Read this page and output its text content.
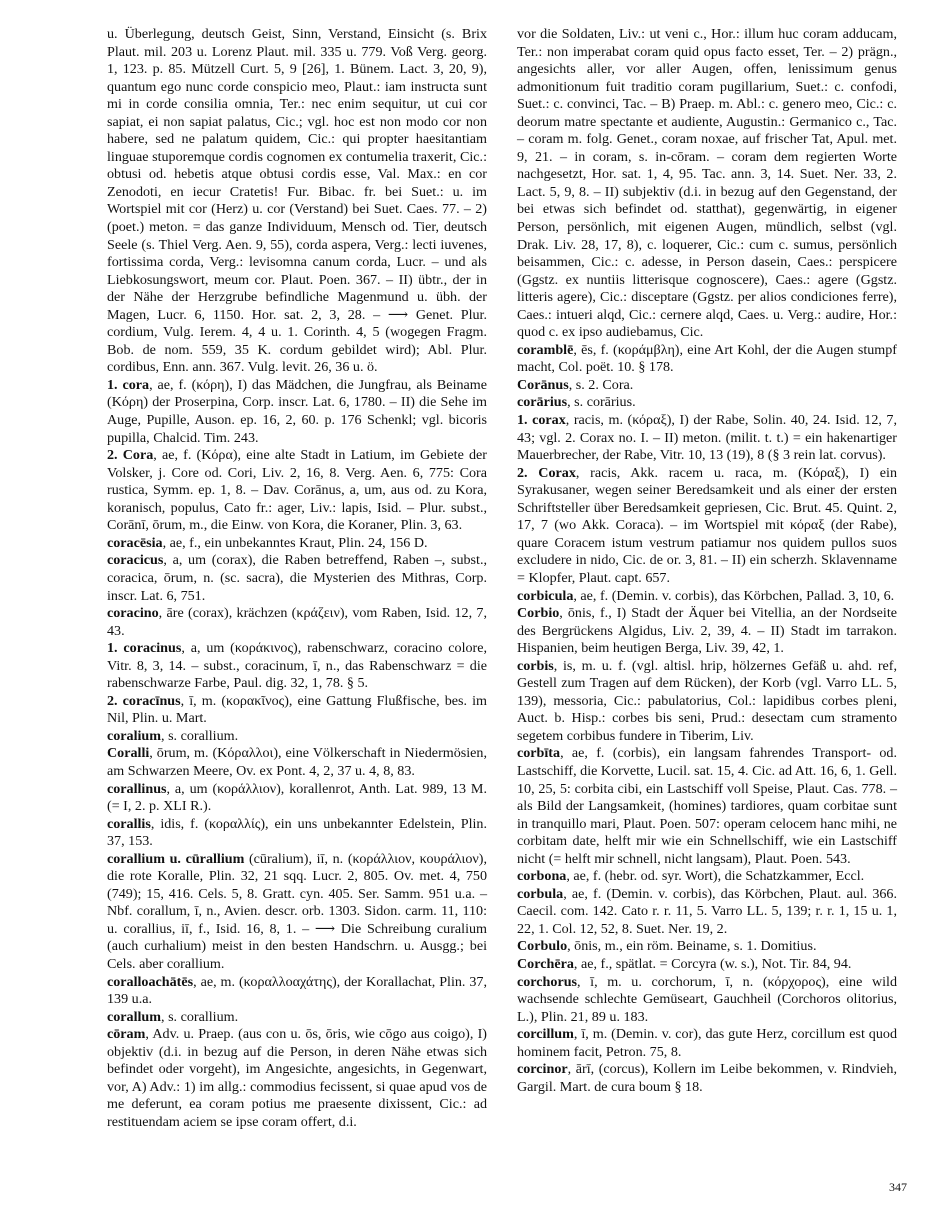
u. Überlegung, deutsch Geist, Sinn, Verstand, Einsicht (s. Brix Plaut. mil. 203 u. Lorenz Plaut. mil. 335 u. 779. Voß Verg. georg. 1, 123. p. 85. Mützell Curt. 5, 9 [26], 1. Bünem. Lact. 3, 20, 9), quantum ego nunc corde conspicio meo, Plaut.: iam instructa sunt mi in corde consilia omnia, Ter.: nec enim sequitur, ut cui cor sapiat, ei non sapiat palatus, Cic.; vgl. hoc est non modo cor non habere, sed ne palatum quidem, Cic.: qui propter haesitantiam linguae stuporemque cordis cognomen ex contumelia traxerit, Cic.: obtusi od. hebetis atque obtusi cordis esse, Val. Max.: en cor Zenodoti, en iecur Cratetis! Fur. Bibac. fr. bei Suet.: u. im Wortspiel mit cor (Herz) u. cor (Verstand) bei Suet. Caes. 77. – 2) (poet.) meton. = das ganze Individuum, Mensch od. Tier, deutsch Seele (s. Thiel Verg. Aen. 9, 55), corda aspera, Verg.: lecti iuvenes, fortissima corda, Verg.: levisomna canum corda, Lucr. – und als Liebkosungswort, meum cor. Plaut. Poen. 367. – II) übtr., der in der Nähe der Herzgrube befindliche Magenmund u. übh. der Magen, Lucr. 6, 1150. Hor. sat. 2, 3, 28. – ⟶ Genet. Plur. cordium, Vulg. Ierem. 4, 4 u. 1. Corinth. 4, 5 (wogegen Fragm. Bob. de nom. 559, 35 K. cordum gebildet wird); Abl. Plur. cordibus, Enn. ann. 367. Vulg. levit. 26, 36 u. ö.

1. cora, ae, f. (κόρη), I) das Mädchen, die Jungfrau, als Beiname (Κόρη) der Proserpina, Corp. inscr. Lat. 6, 1780. – II) die Sehe im Auge, Pupille, Auson. ep. 16, 2, 60. p. 176 Schenkl; vgl. bicoris pupilla, Chalcid. Tim. 243.

2. Cora, ae, f. (Κόρα), eine alte Stadt in Latium, im Gebiete der Volsker, j. Core od. Cori, Liv. 2, 16, 8. Verg. Aen. 6, 775: Cora rustica, Symm. ep. 1, 8. – Dav. Corānus, a, um, aus od. zu Kora, koranisch, populus, Cato fr.: ager, Liv.: lapis, Isid. – Plur. subst., Corānī, ōrum, m., die Einw. von Kora, die Koraner, Plin. 3, 63.

coracēsia, ae, f., ein unbekanntes Kraut, Plin. 24, 156 D.

coracicus, a, um (corax), die Raben betreffend, Raben –, subst., coracica, ōrum, n. (sc. sacra), die Mysterien des Mithras, Corp. inscr. Lat. 6, 751.

coracino, āre (corax), krächzen (κράζειν), vom Raben, Isid. 12, 7, 43.

1. coracinus, a, um (κοράκινος), rabenschwarz, coracino colore, Vitr. 8, 3, 14. – subst., coracinum, ī, n., das Rabenschwarz = die rabenschwarze Farbe, Paul. dig. 32, 1, 78. § 5.

2. coracīnus, ī, m. (κορακῖνος), eine Gattung Flußfische, bes. im Nil, Plin. u. Mart.

coralium, s. corallium.

Coralli, ōrum, m. (Κόραλλοι), eine Völkerschaft in Niedermösien, am Schwarzen Meere, Ov. ex Pont. 4, 2, 37 u. 4, 8, 83.

corallinus, a, um (κοράλλιον), korallenrot, Anth. Lat. 989, 13 M. (= I, 2. p. XLI R.).

corallis, idis, f. (κοραλλίς), ein uns unbekannter Edelstein, Plin. 37, 153.

corallium u. cūrallium (cūralium), iī, n. (κοράλλιον, κουράλιον), die rote Koralle, Plin. 32, 21 sqq. Lucr. 2, 805. Ov. met. 4, 750 (749); 15, 416. Cels. 5, 8. Gratt. cyn. 405. Ser. Samm. 951 u.a. – Nbf. corallum, ī, n., Avien. descr. orb. 1303. Sidon. carm. 11, 110: u. corallius, iī, f., Isid. 16, 8, 1. – ⟶ Die Schreibung curalium (auch curhalium) meist in den besten Handschrn. u. Ausgg.; bei Cels. aber corallium.

coralloachātēs, ae, m. (κοραλλοαχάτης), der Korallachat, Plin. 37, 139 u.a.

corallum, s. corallium.

cōram, Adv. u. Praep. (aus con u. ōs, ōris, wie cōgo aus coigo), I) objektiv (d.i. in bezug auf die Person, in deren Nähe etwas sich befindet oder vorgeht), im Angesichte, angesichts, in Gegenwart, vor, A) Adv.: 1) im allg.: commodius fecissent, si quae apud vos de me deferunt, ea coram potius me praesente dixissent, Cic.: ad restituendam aciem se ipse coram offert, d.i.

vor die Soldaten, Liv.: ut veni c., Hor.: illum huc coram adducam, Ter.: non imperabat coram quid opus facto esset, Ter. – 2) prägn., angesichts aller, vor aller Augen, offen, lenissimum genus admonitionum fuit traditio coram pugillarium, Suet.: c. confodi, Suet.: c. convinci, Tac. – B) Praep. m. Abl.: c. genero meo, Cic.: c. deorum matre spectante et audiente, Augustin.: Germanico c., Tac. – coram m. folg. Genet., coram noxae, auf frischer Tat, Apul. met. 9, 21. – in coram, s. in-cōram. – coram dem regierten Worte nachgesetzt, Hor. sat. 1, 4, 95. Tac. ann. 3, 14. Suet. Ner. 33, 2. Lact. 5, 9, 8. – II) subjektiv (d.i. in bezug auf den Gegenstand, der bei etwas sich befindet od. statthat), gegenwärtig, in eigener Person, persönlich, mit eigenen Augen, mündlich, selbst (vgl. Drak. Liv. 28, 17, 8), c. loquerer, Cic.: cum c. sumus, persönlich beisammen, Cic.: c. adesse, in Person dasein, Caes.: perspicere (Ggstz. ex nuntiis litterisque cognoscere), Caes.: agere (Ggstz. litteris agere), Cic.: disceptare (Ggstz. per alios condiciones ferre), Caes.: intueri alqd, Cic.: cernere alqd, Caes. u. Verg.: audire, Hor.: quod c. ex ipso audiebamus, Cic.

coramblē, ēs, f. (κοράμβλη), eine Art Kohl, der die Augen stumpf macht, Col. poët. 10. § 178.

Corānus, s. 2. Cora.

corārius, s. corārius.

1. corax, racis, m. (κόραξ), I) der Rabe, Solin. 40, 24. Isid. 12, 7, 43; vgl. 2. Corax no. I. – II) meton. (milit. t. t.) = ein hakenartiger Mauerbrecher, der Rabe, Vitr. 10, 13 (19), 8 (§ 3 rein lat. corvus).

2. Corax, racis, Akk. racem u. raca, m. (Κόραξ), I) ein Syrakusaner, wegen seiner Beredsamkeit und als einer der ersten Schriftsteller über Beredsamkeit gepriesen, Cic. Brut. 45. Quint. 2, 17, 7 (wo Akk. Coraca). – im Wortspiel mit κόραξ (der Rabe), quare Coracem istum vestrum patiamur nos quidem pullos suos excludere in nido, Cic. de or. 3, 81. – II) ein scherzh. Sklavenname = Klopfer, Plaut. capt. 657.

corbicula, ae, f. (Demin. v. corbis), das Körbchen, Pallad. 3, 10, 6.

Corbio, ōnis, f., I) Stadt der Äquer bei Vitellia, an der Nordseite des Bergrückens Algidus, Liv. 2, 39, 4. – II) Stadt im tarrakon. Hispanien, beim heutigen Berga, Liv. 39, 42, 1.

corbis, is, m. u. f. (vgl. altisl. hrip, hölzernes Gefäß u. ahd. ref, Gestell zum Tragen auf dem Rücken), der Korb (vgl. Varro LL. 5, 139), messoria, Cic.: pabulatorius, Col.: lapidibus corbes pleni, Auct. b. Hisp.: corbes bis seni, Prud.: desectam cum stramento segetem corbibus fundere in Tiberim, Liv.

corbīta, ae, f. (corbis), ein langsam fahrendes Transport- od. Lastschiff, die Korvette, Lucil. sat. 15, 4. Cic. ad Att. 16, 6, 1. Gell. 10, 25, 5: corbita cibi, ein Lastschiff voll Speise, Plaut. Cas. 778. – als Bild der Langsamkeit, (homines) tardiores, quam corbitae sunt in tranquillo mari, Plaut. Poen. 507: operam celocem hanc mihi, ne corbitam date, helft mir wie ein Schnellschiff, wie ein Lastschiff nicht (= helft mir schnell, nicht langsam), Plaut. Poen. 543.

corbona, ae, f. (hebr. od. syr. Wort), die Schatzkammer, Eccl.

corbula, ae, f. (Demin. v. corbis), das Körbchen, Plaut. aul. 366. Caecil. com. 142. Cato r. r. 11, 5. Varro LL. 5, 139; r. r. 1, 15 u. 1, 22, 1. Col. 12, 52, 8. Suet. Ner. 19, 2.

Corbulo, ōnis, m., ein röm. Beiname, s. 1. Domitius.

Corchēra, ae, f., spätlat. = Corcyra (w. s.), Not. Tir. 84, 94.

corchorus, ī, m. u. corchorum, ī, n. (κόρχορος), eine wild wachsende schlechte Gemüseart, Gauchheil (Corchoros olitorius, L.), Plin. 21, 89 u. 183.

corcillum, ī, m. (Demin. v. cor), das gute Herz, corcillum est quod hominem facit, Petron. 75, 8.

corcinor, ārī, (corcus), Kollern im Leibe bekommen, v. Rindvieh, Gargil. Mart. de cura boum § 18.

347
